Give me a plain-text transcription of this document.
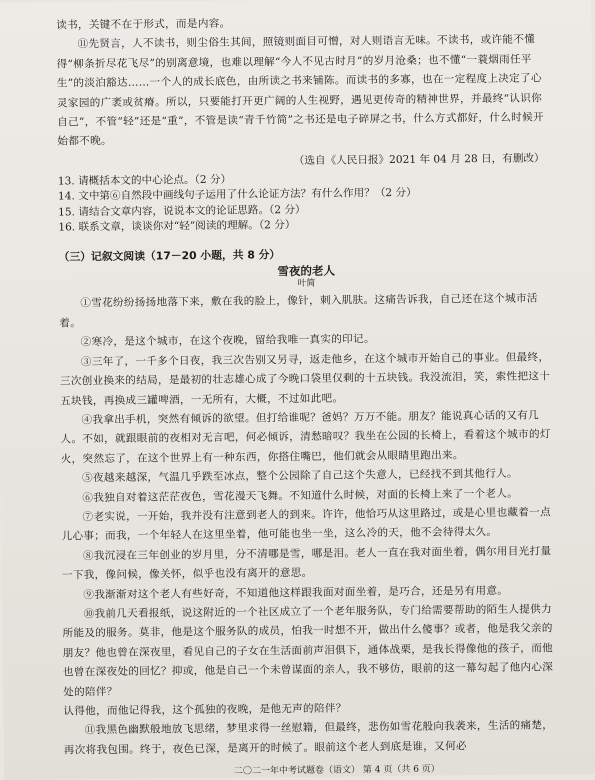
读书，关键不在于形式，而是内容。

⑪先贤言，人不读书，则尘俗生其间，照镜则面目可憎，对人则语言无味。不读书，或许能不懂得“柳条折尽花飞尽”的别离意境，也难以理解“今人不见古时月”的岁月沧桑；也不懂“一蓑烟雨任平生”的淡泊豁达……一个人的成长底色，由所读之书来铺陈。而读书的多寡，也在一定程度上决定了心灵家园的广袤或贫瘠。所以，只要能打开更广阔的人生视野，遇见更传奇的精神世界，并最终“认识你自己”，不管“轻”还是“重”，不管是读“青千竹简”之书还是电子碎屏之书，什么方式都好，什么时候开始都不晚。

（选自《人民日报》2021 年 04 月 28 日，有删改）

13. 请概括本文的中心论点。（2 分）

14. 文中第⑥自然段中画线句子运用了什么论证方法？有什么作用？（2 分）

15. 请结合文章内容，说说本文的论证思路。（2 分）

16. 联系文章，谈谈你对“轻”阅读的理解。（2 分）

（三）记叙文阅读（17－20 小题，共 8 分）

雪夜的老人

叶简

①雪花纷纷扬扬地落下来，敷在我的脸上，像针，刺入肌肤。这痛告诉我，自己还在这个城市活着。

②寒冷，是这个城市，在这个夜晚，留给我唯一真实的印记。

③三年了，一千多个日夜，我三次告别又另寻，返走他乡，在这个城市开始自己的事业。但最终，三次创业换来的结局，是最初的壮志雄心成了今晚口袋里仅剩的十五块钱。我没流泪，笑，索性把这十五块钱，再换成三罐啤酒，一无所有，大概，不过如此吧。

④我拿出手机，突然有倾诉的欲望。但打给谁呢？爸妈？万万不能。朋友？能说真心话的又有几人。不如，就跟眼前的夜相对无言吧，何必倾诉，清愁暗叹？我坐在公园的长椅上，看着这个城市的灯火，突然忘了，在这个世界上有一种东西，你搭住嘴巴，他们就会从眼睛里跑出来。

⑤夜越来越深，气温几乎跌至冰点，整个公园除了自己这个失意人，已经找不到其他行人。

⑥我独自对着这茫茫夜色，雪花漫天飞舞。不知道什么时候，对面的长椅上来了一个老人。

⑦老实说，一开始，我并没有注意到老人的到来。许许，他恰巧从这里路过，或是心里也藏着一点儿心事；而我，一个年轻人在这里坐着，他可能也坐一坐，这么冷的天，他不会待得太久。

⑧我沉浸在三年创业的岁月里，分不清哪是雪，哪是泪。老人一直在我对面坐着，偶尔用目光打量一下我，像问候，像关怀，似乎也没有离开的意思。

⑨我渐渐对这个老人有些好奇，不知道他这样跟我面对面坐着，是巧合，还是另有用意。

⑩我前几天看报纸，说这附近的一个社区成立了一个老年服务队，专门给需要帮助的陌生人提供力所能及的服务。莫非，他是这个服务队的成员，怕我一时想不开，做出什么傻事？或者，他是我父亲的朋友？他也曾在深夜里，看见自己的子女在生活面前声泪俱下，通体战栗，是我长得像他的孩子，而他也曾在深夜处的回忆？抑或，他是自己一个未曾谋面的亲人，我不够仿，眼前的这一幕勾起了他内心深处的陪伴？

认得他，而他记得我，这个孤独的夜晚，是他无声的陪伴？

⑪我黑色幽默般地放飞思绪，梦里求得一丝慰籍，但最终，悲伤如雪花般向我袭来，生活的痛楚，再次将我包围。终于，夜色已深，是离开的时候了。眼前这个老人到底是谁，又何必

二〇二一年中考试题卷（语文） 第 4 页（共 6 页）
